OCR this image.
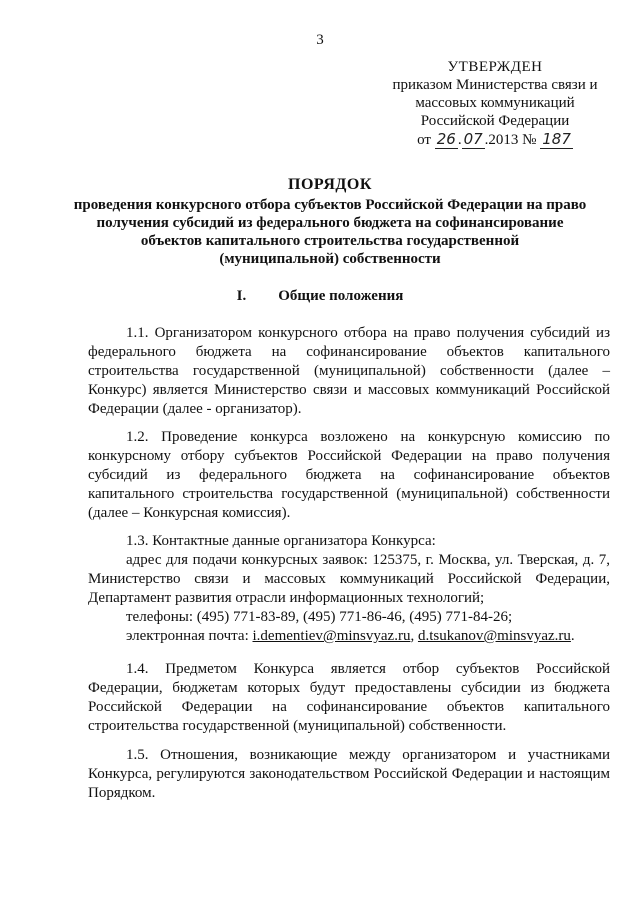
3
УТВЕРЖДЕН
приказом Министерства связи и
массовых коммуникаций
Российской Федерации
от 26 . 07 .2013 № 187
ПОРЯДОК
проведения конкурсного отбора субъектов Российской Федерации на право
получения субсидий из федерального бюджета на софинансирование
объектов капитального строительства государственной
(муниципальной) собственности
I. Общие положения
1.1. Организатором конкурсного отбора на право получения субсидий из федерального бюджета на софинансирование объектов капитального строительства государственной (муниципальной) собственности (далее – Конкурс) является Министерство связи и массовых коммуникаций Российской Федерации (далее - организатор).
1.2. Проведение конкурса возложено на конкурсную комиссию по конкурсному отбору субъектов Российской Федерации на право получения субсидий из федерального бюджета на софинансирование объектов капитального строительства государственной (муниципальной) собственности (далее – Конкурсная комиссия).
1.3. Контактные данные организатора Конкурса:
адрес для подачи конкурсных заявок: 125375, г. Москва, ул. Тверская, д. 7, Министерство связи и массовых коммуникаций Российской Федерации, Департамент развития отрасли информационных технологий;
телефоны: (495) 771-83-89, (495) 771-86-46, (495) 771-84-26;
электронная почта: i.dementiev@minsvyaz.ru, d.tsukanov@minsvyaz.ru.
1.4. Предметом Конкурса является отбор субъектов Российской Федерации, бюджетам которых будут предоставлены субсидии из бюджета Российской Федерации на софинансирование объектов капитального строительства государственной (муниципальной) собственности.
1.5. Отношения, возникающие между организатором и участниками Конкурса, регулируются законодательством Российской Федерации и настоящим Порядком.
